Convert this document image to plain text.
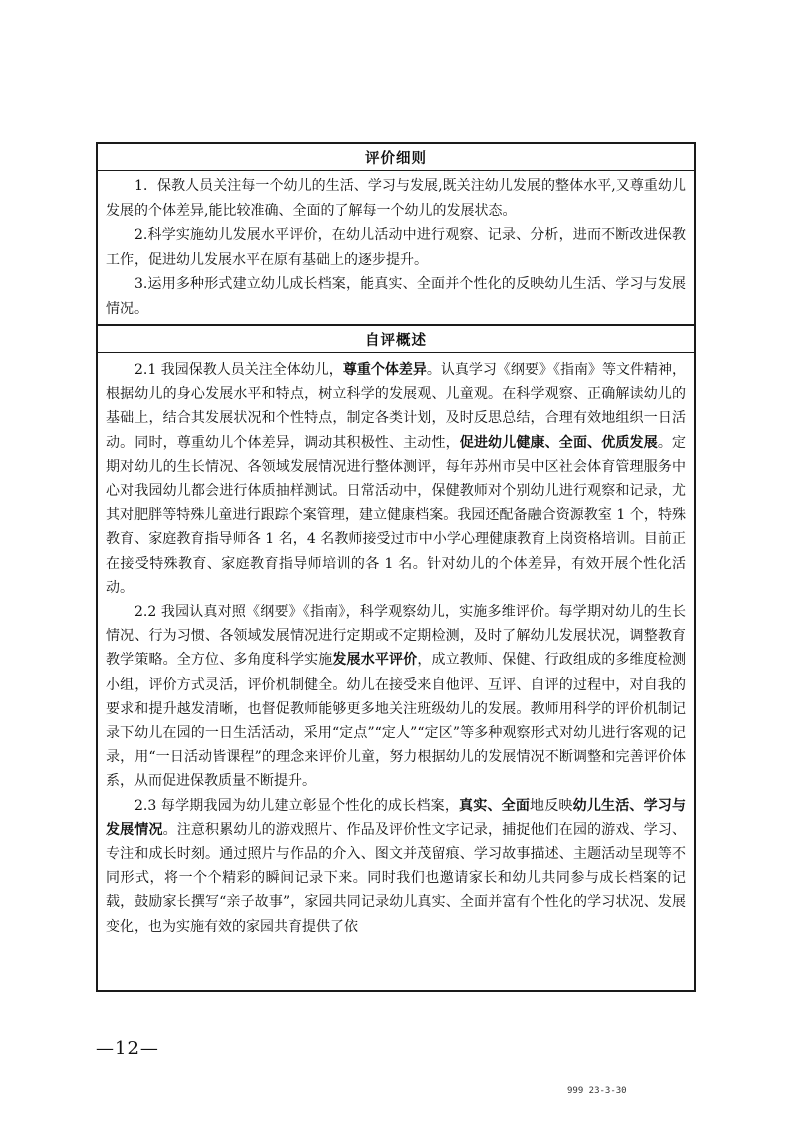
评价细则

1．保教人员关注每一个幼儿的生活、学习与发展,既关注幼儿发展的整体水平,又尊重幼儿发展的个体差异,能比较准确、全面的了解每一个幼儿的发展状态。

2.科学实施幼儿发展水平评价，在幼儿活动中进行观察、记录、分析，进而不断改进保教工作，促进幼儿发展水平在原有基础上的逐步提升。

3.运用多种形式建立幼儿成长档案，能真实、全面并个性化的反映幼儿生活、学习与发展情况。

自评概述

2.1 我园保教人员关注全体幼儿，尊重个体差异。认真学习《纲要》《指南》等文件精神，根据幼儿的身心发展水平和特点，树立科学的发展观、儿童观。在科学观察、正确解读幼儿的基础上，结合其发展状况和个性特点，制定各类计划，及时反思总结，合理有效地组织一日活动。同时，尊重幼儿个体差异，调动其积极性、主动性，促进幼儿健康、全面、优质发展。定期对幼儿的生长情况、各领域发展情况进行整体测评，每年苏州市吴中区社会体育管理服务中心对我园幼儿都会进行体质抽样测试。日常活动中，保健教师对个别幼儿进行观察和记录，尤其对肥胖等特殊儿童进行跟踪个案管理，建立健康档案。我园还配备融合资源教室 1 个，特殊教育、家庭教育指导师各 1 名，4 名教师接受过市中小学心理健康教育上岗资格培训。目前正在接受特殊教育、家庭教育指导师培训的各 1 名。针对幼儿的个体差异，有效开展个性化活动。

2.2 我园认真对照《纲要》《指南》，科学观察幼儿，实施多维评价。每学期对幼儿的生长情况、行为习惯、各领域发展情况进行定期或不定期检测，及时了解幼儿发展状况，调整教育教学策略。全方位、多角度科学实施发展水平评价，成立教师、保健、行政组成的多维度检测小组，评价方式灵活，评价机制健全。幼儿在接受来自他评、互评、自评的过程中，对自我的要求和提升越发清晰，也督促教师能够更多地关注班级幼儿的发展。教师用科学的评价机制记录下幼儿在园的一日生活活动，采用“定点”“定人”“定区”等多种观察形式对幼儿进行客观的记录，用“一日活动皆课程”的理念来评价儿童，努力根据幼儿的发展情况不断调整和完善评价体系，从而促进保教质量不断提升。

2.3 每学期我园为幼儿建立彰显个性化的成长档案，真实、全面地反映幼儿生活、学习与发展情况。注意积累幼儿的游戏照片、作品及评价性文字记录，捕捉他们在园的游戏、学习、专注和成长时刻。通过照片与作品的介入、图文并茂留痕、学习故事描述、主题活动呈现等不同形式，将一个个精彩的瞬间记录下来。同时我们也邀请家长和幼儿共同参与成长档案的记载，鼓励家长撰写“亲子故事”，家园共同记录幼儿真实、全面并富有个性化的学习状况、发展变化，也为实施有效的家园共育提供了依

—12—
999 23-3-30
